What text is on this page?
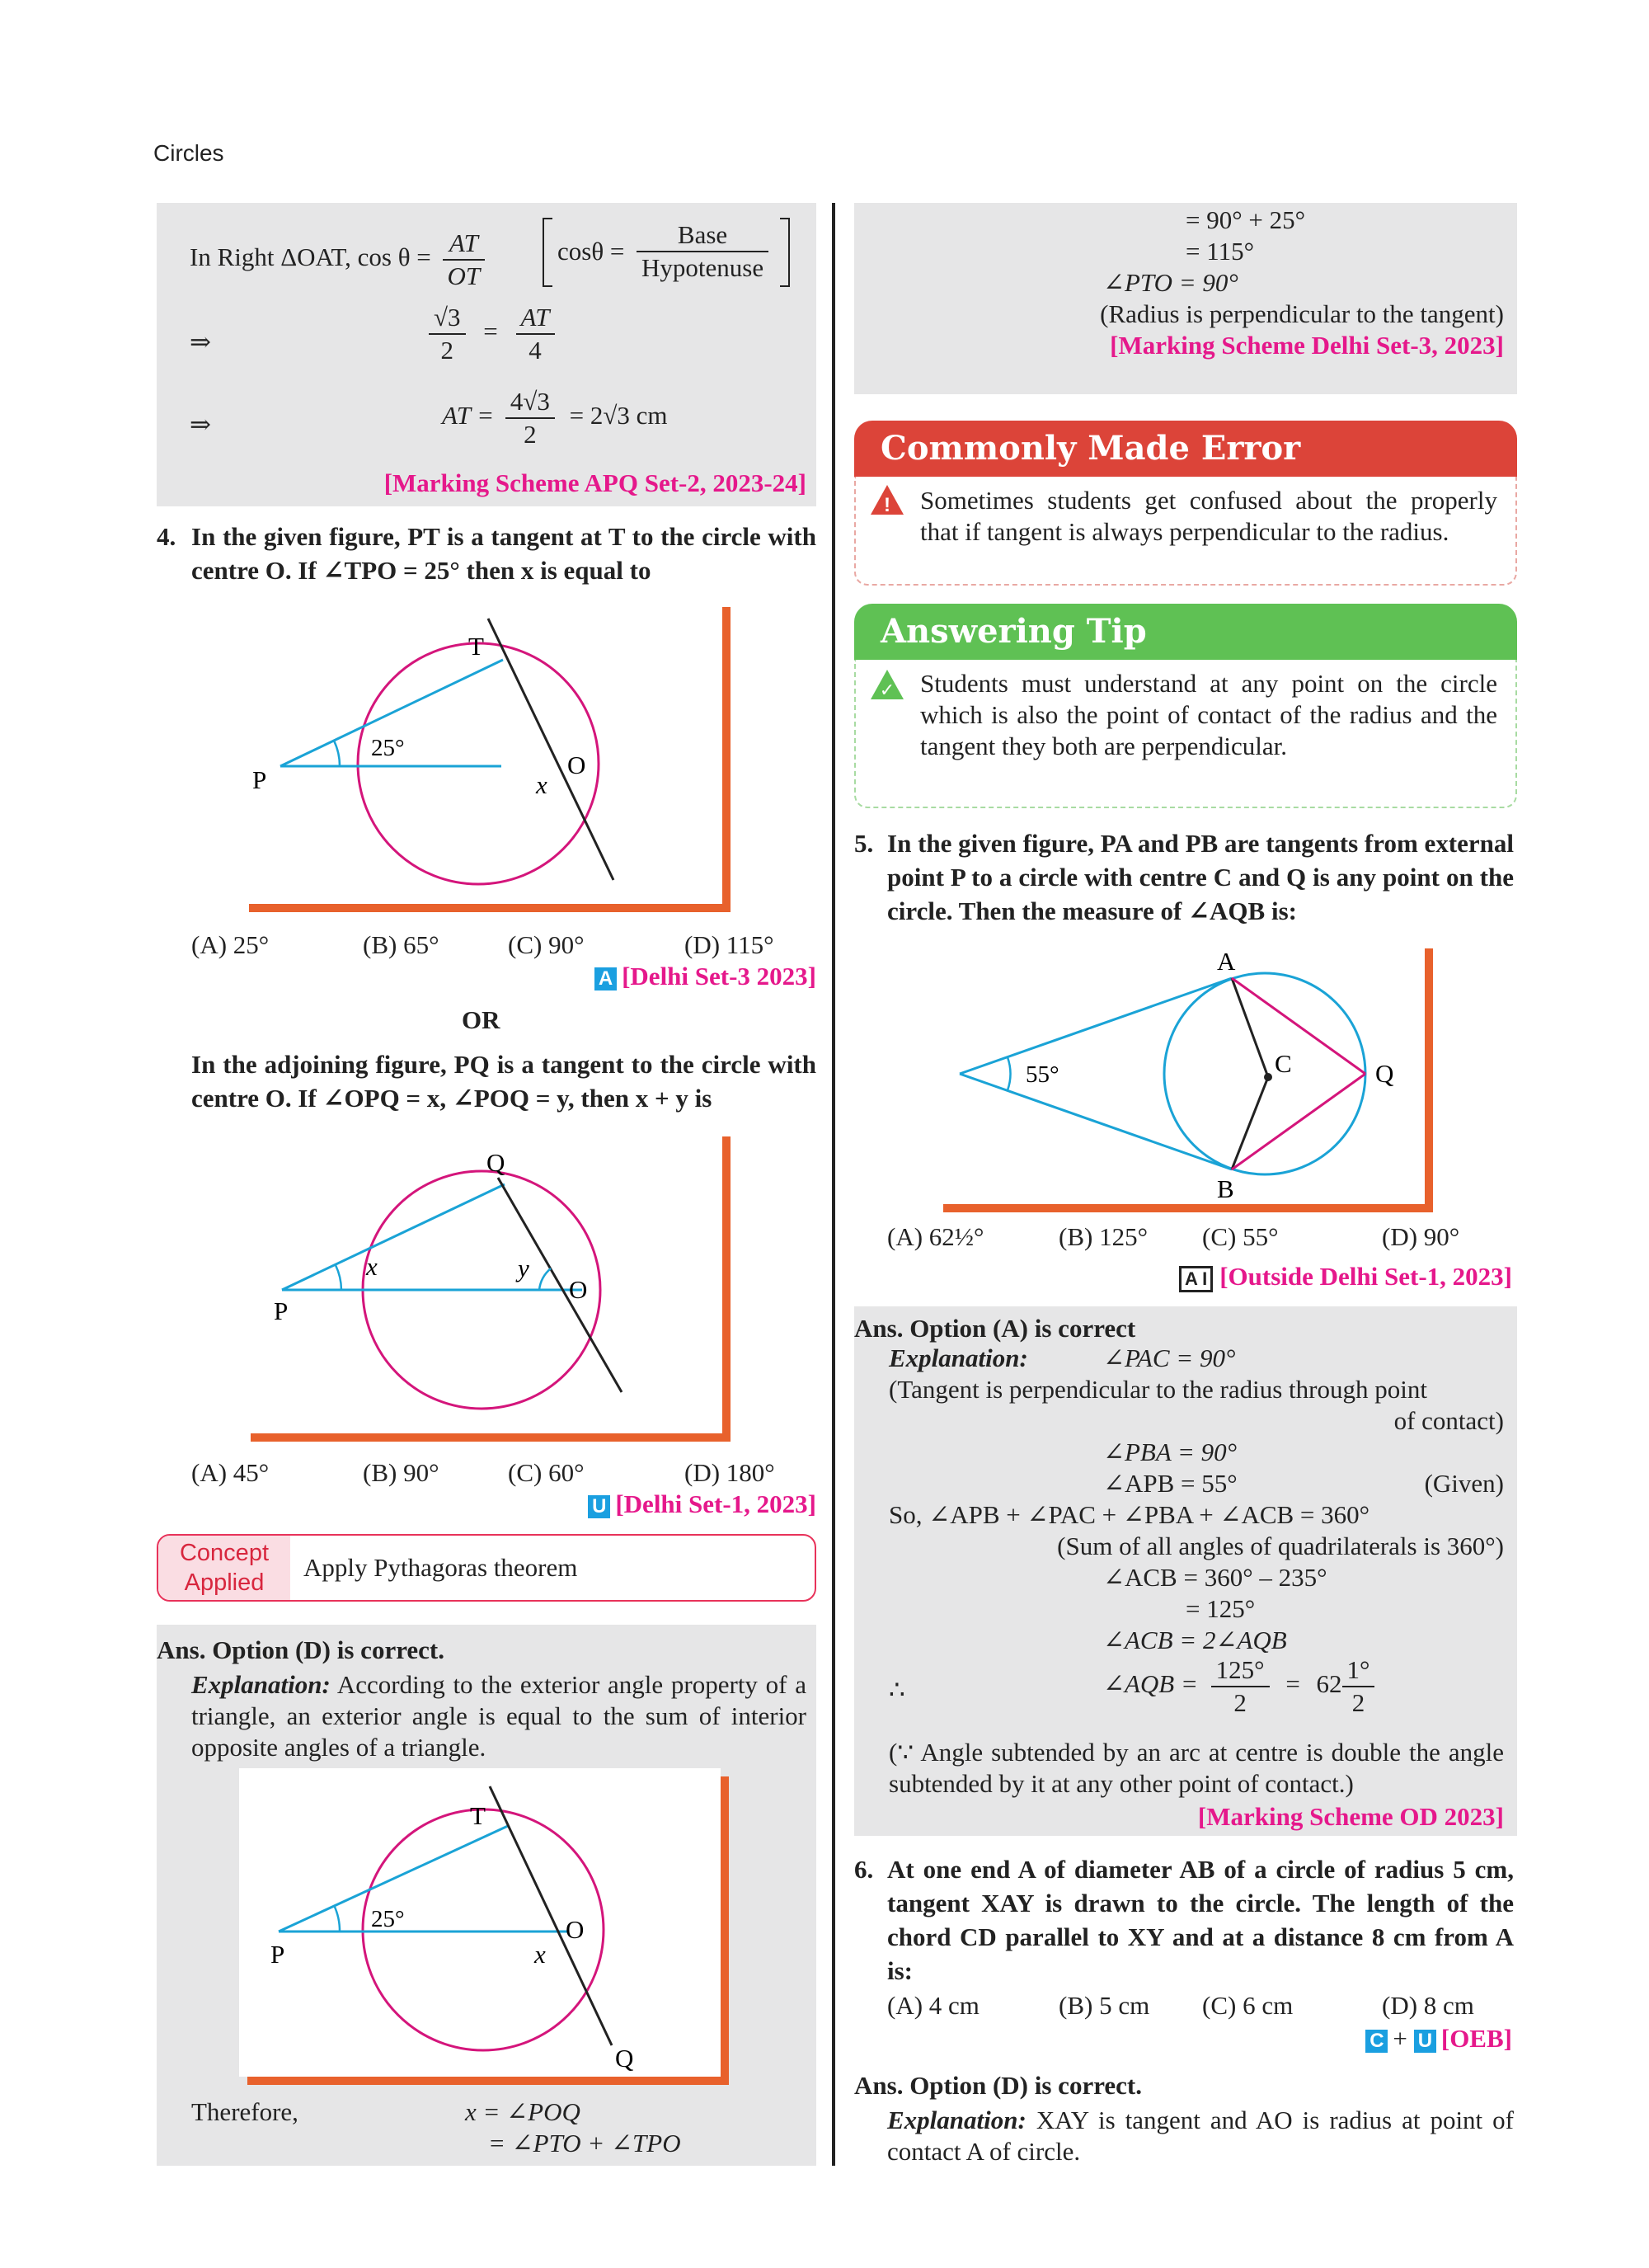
Circles
In Right ΔOAT, $\cos \theta = \frac{AT}{OT}$	$\cos\theta = \frac{\text{Base}}{\text{Hypotenuse}}$
⇒	$\frac{√3}{2} = \frac{AT}{4}$
⇒	AT = $\frac{4√3}{2} = 2√3$ cm
[Marking Scheme APQ Set-2, 2023-24]
4. In the given figure, PT is a tangent at T to the circle with centre O. If ∠TPO = 25° then x is equal to
T
P
O
x
25°
(A) 25°	(B) 65°	(C) 90°	(D) 115°
A [Delhi Set-3 2023]
OR
In the adjoining figure, PQ is a tangent to the circle with centre O. If ∠OPQ = x, ∠POQ = y, then x + y is
Q
P
O
x	y
(A) 45°	(B) 90°	(C) 60°	(D) 180°
U [Delhi Set-1, 2023]
Concept Applied
Apply Pythagoras theorem
Ans. Option (D) is correct.
Explanation: According to the exterior angle property of a triangle, an exterior angle is equal to the sum of interior opposite angles of a triangle.
T
P
O
x
Q
25°
Therefore,	x = ∠POQ
= ∠PTO + ∠TPO
= 90° + 25°
= 115°
∠PTO = 90°
(Radius is perpendicular to the tangent)
[Marking Scheme Delhi Set-3, 2023]
Commonly Made Error
! Sometimes students get confused about the properly that if tangent is always perpendicular to the radius.
Answering Tip
✓ Students must understand at any point on the circle which is also the point of contact of the radius and the tangent they both are perpendicular.
5. In the given figure, PA and PB are tangents from external point P to a circle with centre C and Q is any point on the circle. Then the measure of ∠AQB is:
A
B
C	Q
55°
(A) 62½°	(B) 125° (C) 55°	(D) 90°
A I [Outside Delhi Set-1, 2023]
Ans. Option (A) is correct
Explanation:	∠PAC = 90°
(Tangent is perpendicular to the radius through point
of contact)
∠PBA = 90°
∠APB = 55°	(Given)
So, ∠APB + ∠PAC + ∠PBA + ∠ACB = 360°
(Sum of all angles of quadrilaterals is 360°)
∠ACB = 360° – 235°
= 125°
∠ACB = 2∠AQB
∴	∠AQB = $\frac{125^\circ}{2} = 62 \frac{1^\circ}{2}$
(∵ Angle subtended by an arc at centre is double the angle subtended by it at any other point of contact.)
[Marking Scheme OD 2023]
6. At one end A of diameter AB of a circle of radius 5 cm, tangent XAY is drawn to the circle. The length of the chord CD parallel to XY and at a distance 8 cm from A is:
(A) 4 cm	(B) 5 cm (C) 6 cm	(D) 8 cm
C + U [OEB]
Ans. Option (D) is correct.
Explanation: XAY is tangent and AO is radius at point of contact A of circle.
